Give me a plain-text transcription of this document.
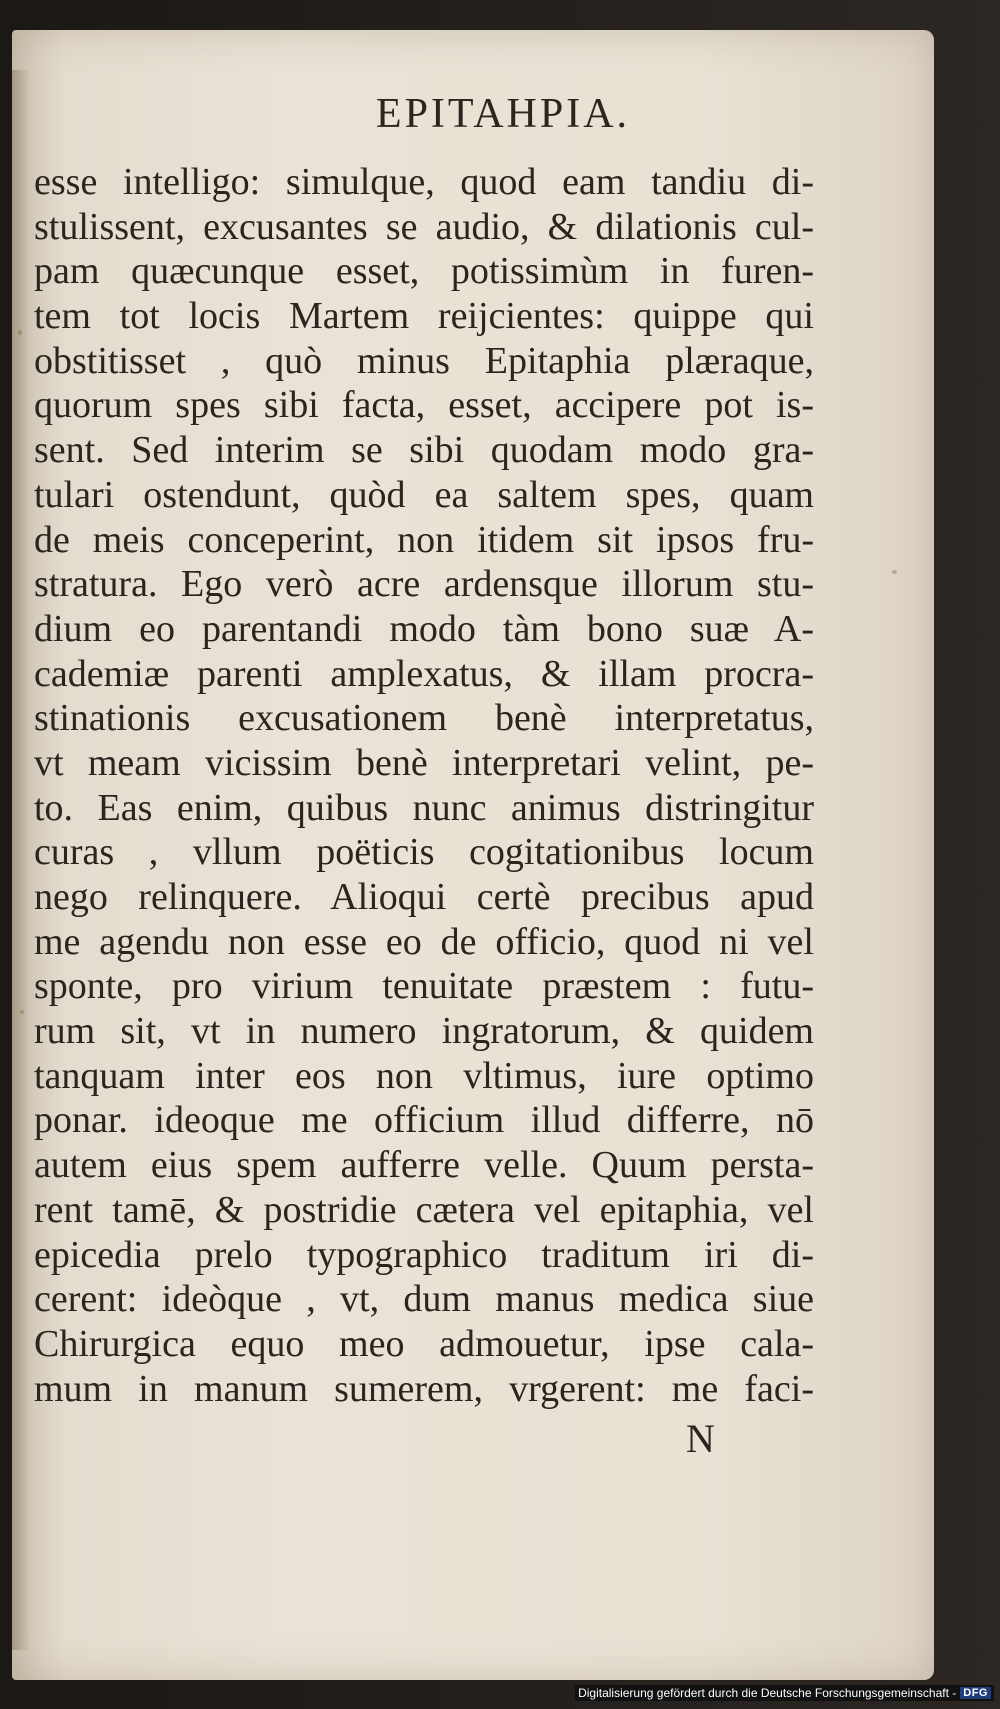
EPITAHPIA.
esse intelligo: simulque, quod eam tandiu di-
stulissent, excusantes se audio, & dilationis cul-
pam quæcunque esset, potissimùm in furen-
tem tot locis Martem reijcientes: quippe qui
obstitisset , quò minus Epitaphia plæraque,
quorum spes sibi facta, esset, accipere pot is-
sent. Sed interim se sibi quodam modo gra-
tulari ostendunt, quòd ea saltem spes, quam
de meis conceperint, non itidem sit ipsos fru-
stratura. Ego verò acre ardensque illorum stu-
dium eo parentandi modo tàm bono suæ A-
cademiæ parenti amplexatus, & illam procra-
stinationis excusationem benè interpretatus,
vt meam vicissim benè interpretari velint, pe-
to. Eas enim, quibus nunc animus distringitur
curas , vllum poëticis cogitationibus locum
nego relinquere. Alioqui certè precibus apud
me agendu non esse eo de officio, quod ni vel
sponte, pro virium tenuitate præstem : futu-
rum sit, vt in numero ingratorum, & quidem
tanquam inter eos non vltimus, iure optimo
ponar. ideoque me officium illud differre, nō
autem eius spem aufferre velle. Quum persta-
rent tamē, & postridie cætera vel epitaphia, vel
epicedia prelo typographico traditum iri di-
cerent: ideòque , vt, dum manus medica siue
Chirurgica equo meo admouetur, ipse cala-
mum in manum sumerem, vrgerent: me faci-
N
Digitalisierung gefördert durch die Deutsche Forschungsgemeinschaft - DFG
